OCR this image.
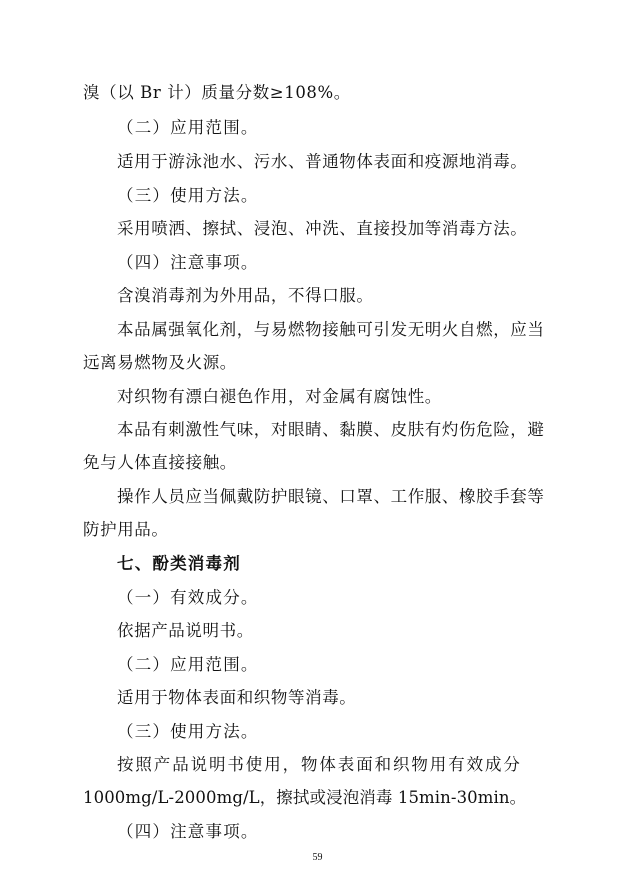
溴（以 Br 计）质量分数≥108%。
（二）应用范围。
适用于游泳池水、污水、普通物体表面和疫源地消毒。
（三）使用方法。
采用喷洒、擦拭、浸泡、冲洗、直接投加等消毒方法。
（四）注意事项。
含溴消毒剂为外用品，不得口服。
本品属强氧化剂，与易燃物接触可引发无明火自燃，应当
远离易燃物及火源。
对织物有漂白褪色作用，对金属有腐蚀性。
本品有刺激性气味，对眼睛、黏膜、皮肤有灼伤危险，避
免与人体直接接触。
操作人员应当佩戴防护眼镜、口罩、工作服、橡胶手套等
防护用品。
七、酚类消毒剂
（一）有效成分。
依据产品说明书。
（二）应用范围。
适用于物体表面和织物等消毒。
（三）使用方法。
按照产品说明书使用，物体表面和织物用有效成分
1000mg/L-2000mg/L，擦拭或浸泡消毒 15min-30min。
（四）注意事项。
59
